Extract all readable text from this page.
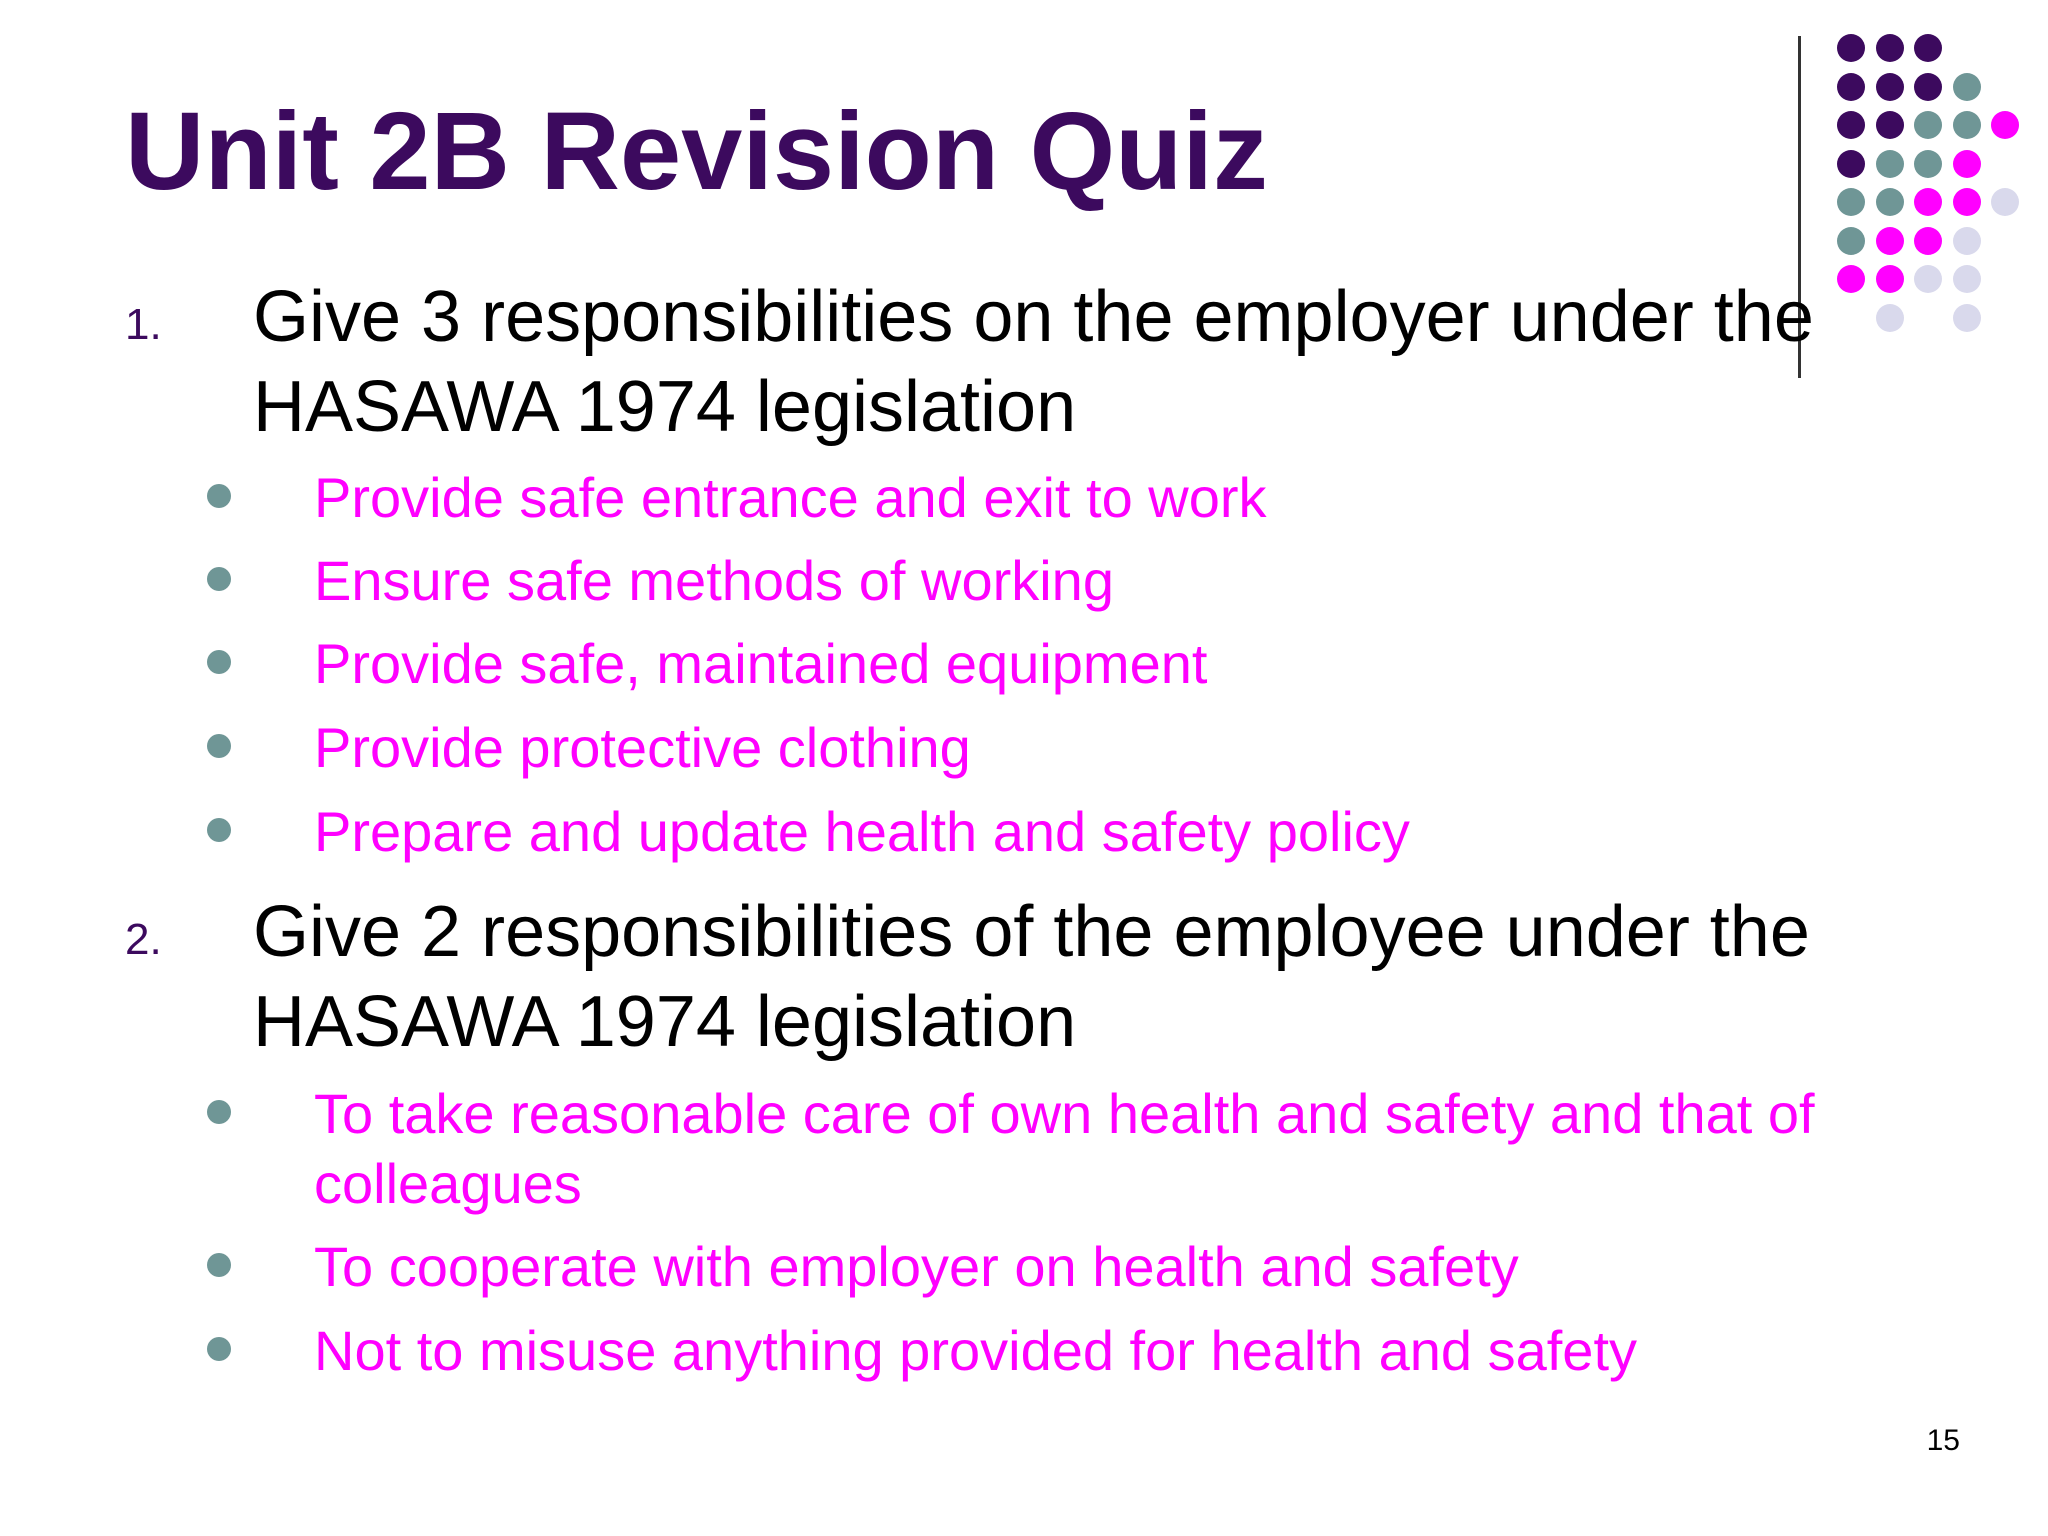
Unit 2B Revision Quiz
1. Give 3 responsibilities on the employer under the HASAWA 1974 legislation
Provide safe entrance and exit to work
Ensure safe methods of working
Provide safe, maintained equipment
Provide protective clothing
Prepare and update health and safety policy
2. Give 2 responsibilities of the employee under the HASAWA 1974 legislation
To take reasonable care of own health and safety and that of colleagues
To cooperate with employer on health and safety
Not to misuse anything provided for health and safety
15
